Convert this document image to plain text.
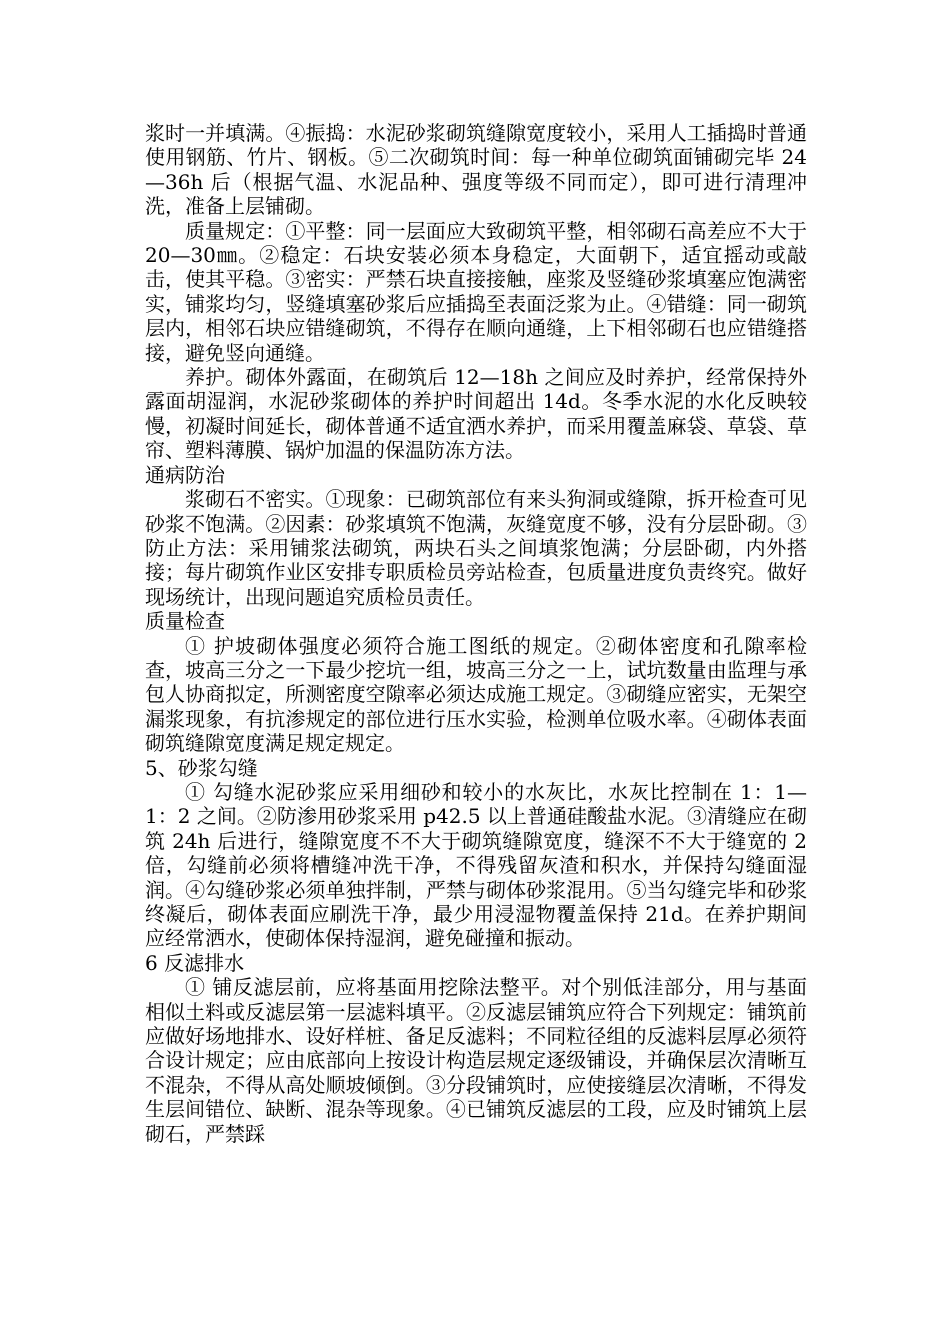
浆时一并填满。④振捣：水泥砂浆砌筑缝隙宽度较小，采用人工插捣时普通使用钢筋、竹片、钢板。⑤二次砌筑时间：每一种单位砌筑面铺砌完毕 24—36h 后（根据气温、水泥品种、强度等级不同而定），即可进行清理冲洗，准备上层铺砌。

质量规定：①平整：同一层面应大致砌筑平整，相邻砌石高差应不大于 20—30㎜。②稳定：石块安装必须本身稳定，大面朝下，适宜摇动或敲击，使其平稳。③密实：严禁石块直接接触，座浆及竖缝砂浆填塞应饱满密实，铺浆均匀，竖缝填塞砂浆后应插捣至表面泛浆为止。④错缝：同一砌筑层内，相邻石块应错缝砌筑，不得存在顺向通缝，上下相邻砌石也应错缝搭接，避免竖向通缝。

养护。砌体外露面，在砌筑后 12—18h 之间应及时养护，经常保持外露面胡湿润，水泥砂浆砌体的养护时间超出 14d。冬季水泥的水化反映较慢，初凝时间延长，砌体普通不适宜洒水养护，而采用覆盖麻袋、草袋、草帘、塑料薄膜、锅炉加温的保温防冻方法。

通病防治

浆砌石不密实。①现象：已砌筑部位有来头狗洞或缝隙，拆开检查可见砂浆不饱满。②因素：砂浆填筑不饱满，灰缝宽度不够，没有分层卧砌。③防止方法：采用铺浆法砌筑，两块石头之间填浆饱满；分层卧砌，内外搭接；每片砌筑作业区安排专职质检员旁站检查，包质量进度负责终究。做好现场统计，出现问题追究质检员责任。

质量检查

① 护坡砌体强度必须符合施工图纸的规定。②砌体密度和孔隙率检查，坡高三分之一下最少挖坑一组，坡高三分之一上，试坑数量由监理与承包人协商拟定，所测密度空隙率必须达成施工规定。③砌缝应密实，无架空漏浆现象，有抗渗规定的部位进行压水实验，检测单位吸水率。④砌体表面砌筑缝隙宽度满足规定规定。

5、砂浆勾缝

① 勾缝水泥砂浆应采用细砂和较小的水灰比，水灰比控制在 1：1—1：2 之间。②防渗用砂浆采用 p42.5 以上普通硅酸盐水泥。③清缝应在砌筑 24h 后进行，缝隙宽度不不大于砌筑缝隙宽度，缝深不不大于缝宽的 2 倍，勾缝前必须将槽缝冲洗干净，不得残留灰渣和积水，并保持勾缝面湿润。④勾缝砂浆必须单独拌制，严禁与砌体砂浆混用。⑤当勾缝完毕和砂浆终凝后，砌体表面应刷洗干净，最少用浸湿物覆盖保持 21d。在养护期间应经常洒水，使砌体保持湿润，避免碰撞和振动。

6 反滤排水

① 铺反滤层前，应将基面用挖除法整平。对个别低洼部分，用与基面相似土料或反滤层第一层滤料填平。②反滤层铺筑应符合下列规定：铺筑前应做好场地排水、设好样桩、备足反滤料；不同粒径组的反滤料层厚必须符合设计规定；应由底部向上按设计构造层规定逐级铺设，并确保层次清晰互不混杂，不得从高处顺坡倾倒。③分段铺筑时，应使接缝层次清晰，不得发生层间错位、缺断、混杂等现象。④已铺筑反滤层的工段，应及时铺筑上层砌石，严禁踩
